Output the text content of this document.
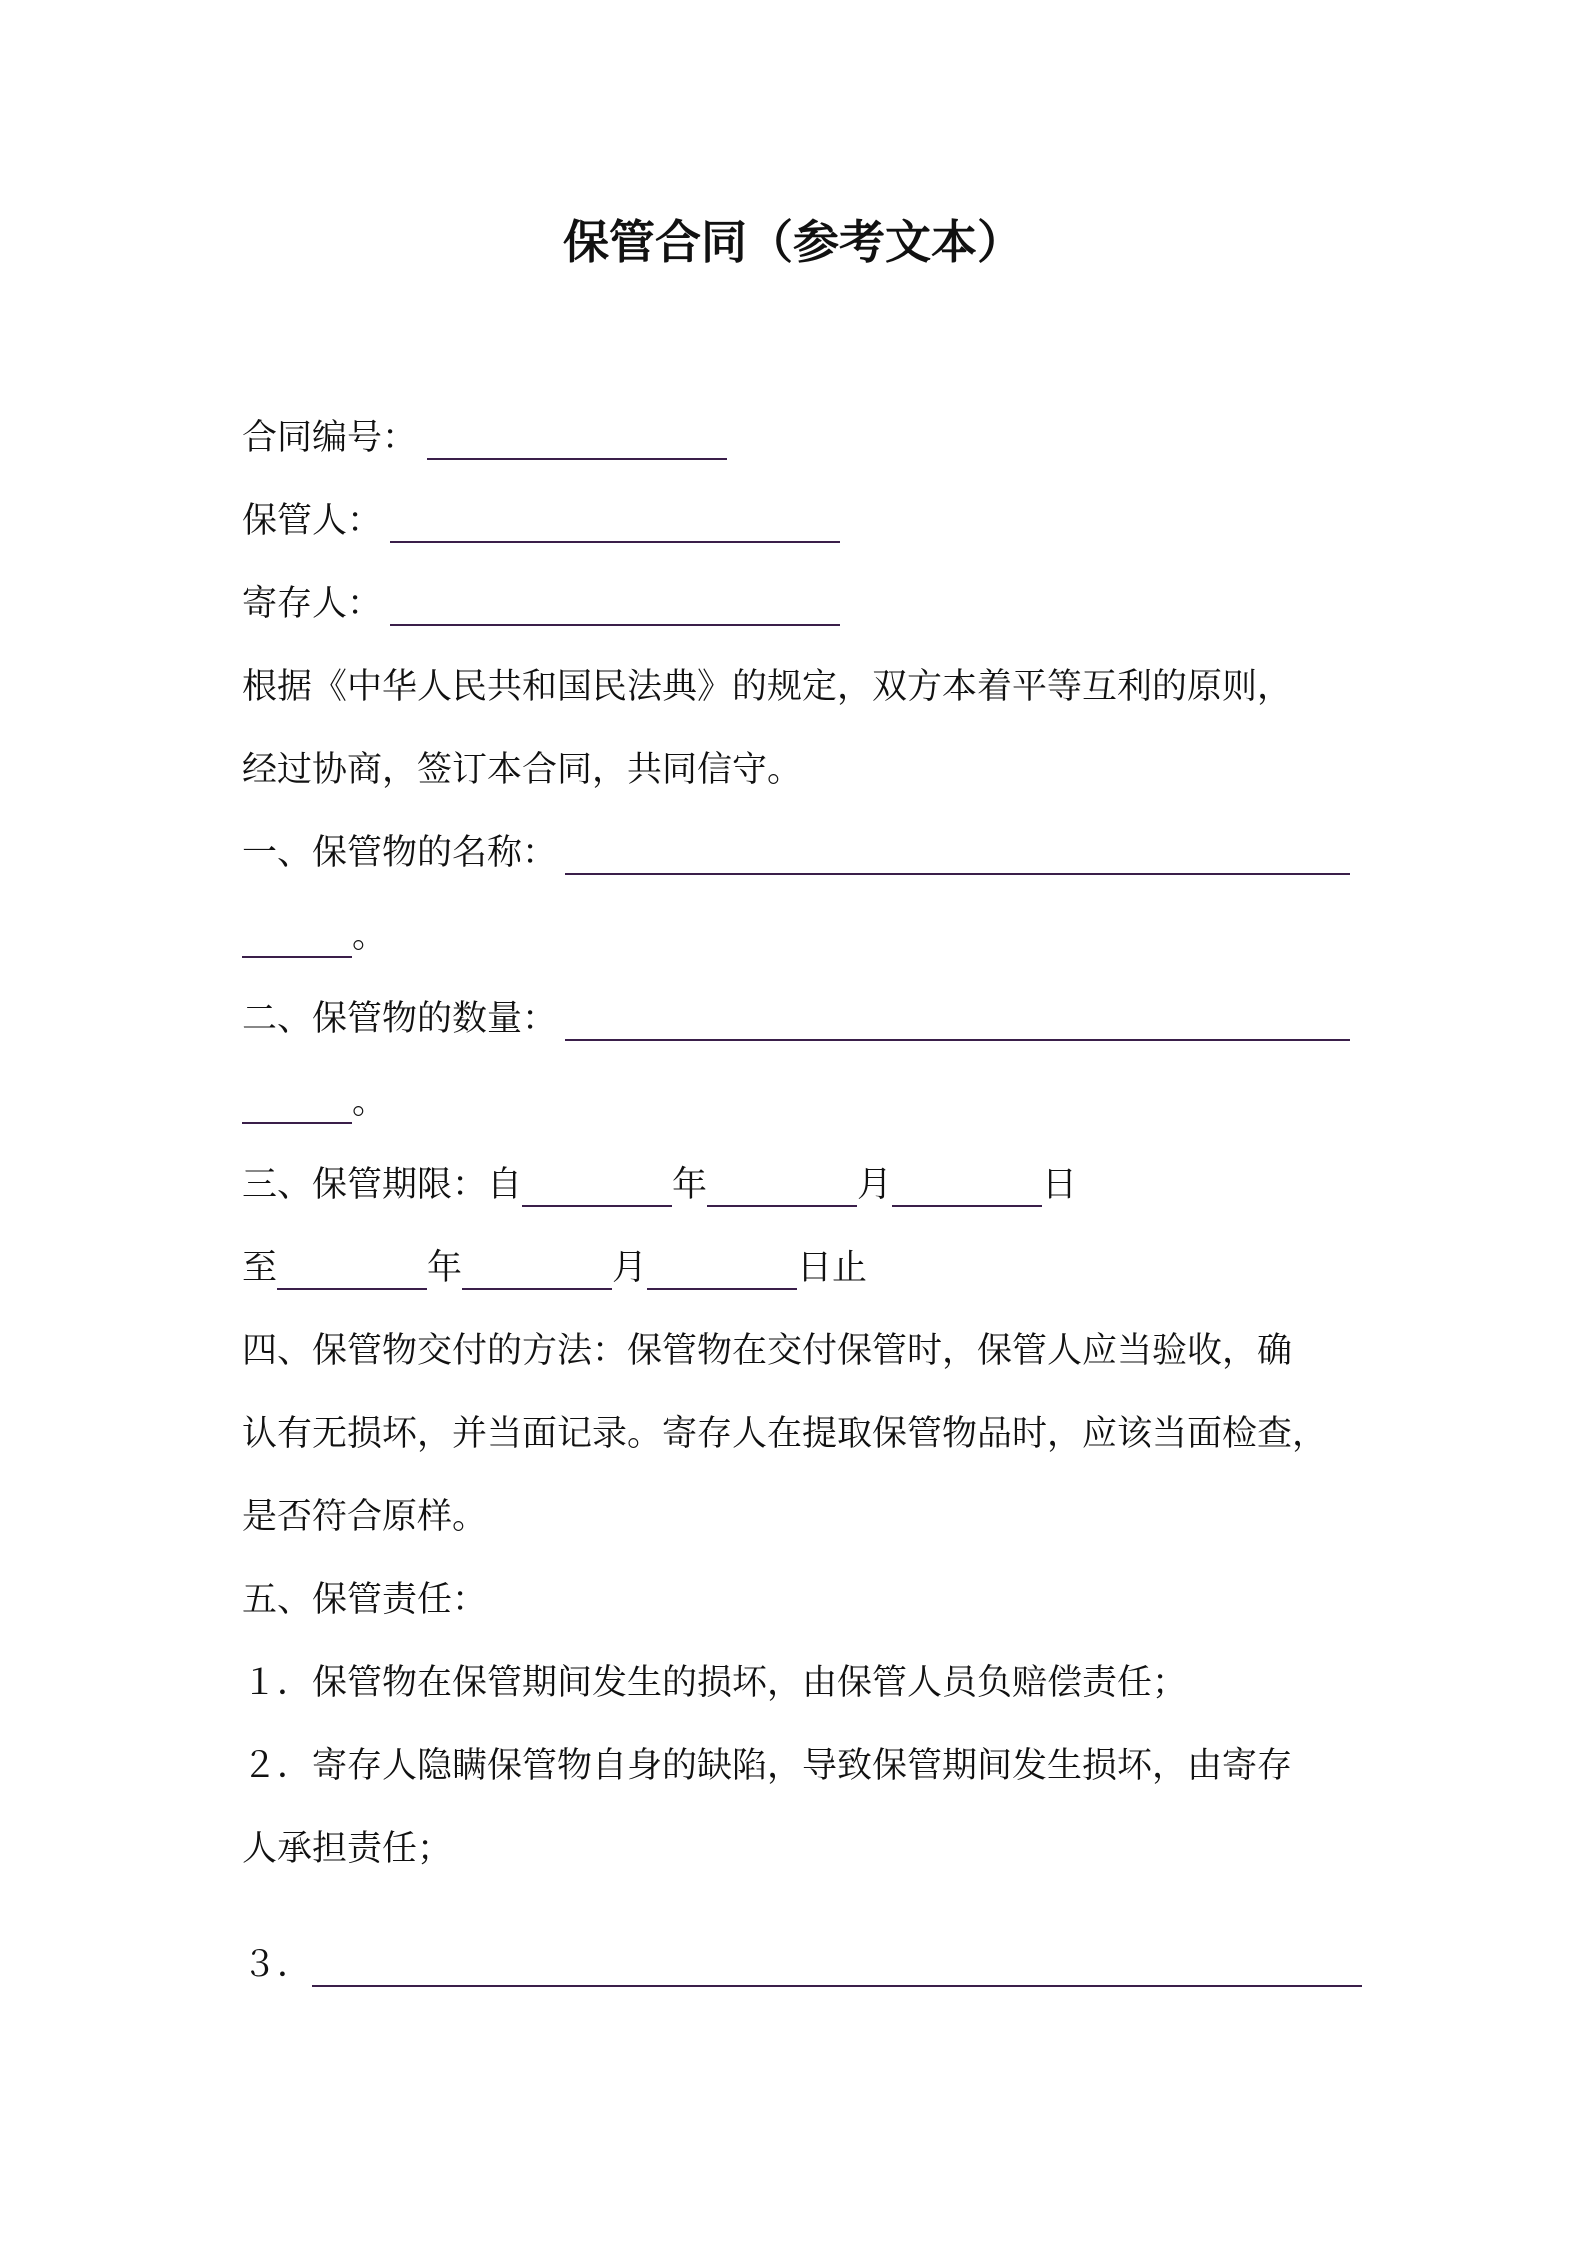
保管合同（参考文本）
合同编号：
保管人：
寄存人：
根据《中华人民共和国民法典》的规定，双方本着平等互利的原则，
经过协商，签订本合同，共同信守。
一、保管物的名称：
。
二、保管物的数量：
。
三、保管期限：自	年	月	日
至	年	月	日止
四、保管物交付的方法：保管物在交付保管时，保管人应当验收，确
认有无损坏，并当面记录。寄存人在提取保管物品时，应该当面检查，
是否符合原样。
五、保管责任：
１．保管物在保管期间发生的损坏，由保管人员负赔偿责任；
２．寄存人隐瞒保管物自身的缺陷，导致保管期间发生损坏，由寄存
人承担责任；
３．
